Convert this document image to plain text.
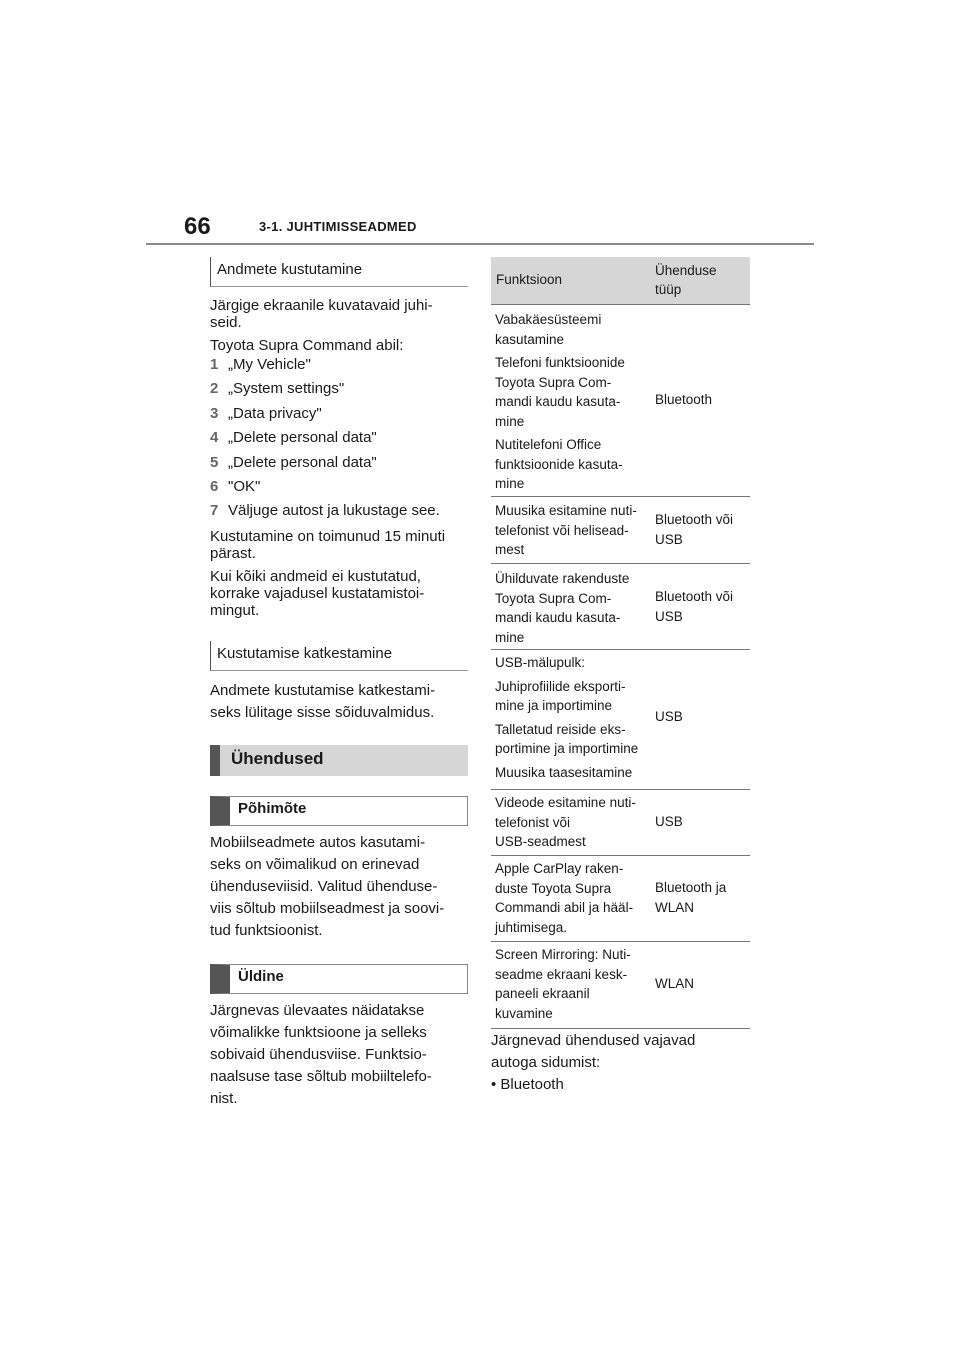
66	3-1. JUHTIMISSEADMED
Andmete kustutamine
Järgige ekraanile kuvatavaid juhi-
seid.
Toyota Supra Command abil:
1 „My Vehicle"
2 „System settings"
3 „Data privacy"
4 „Delete personal data"
5 „Delete personal data"
6 "OK"
7 Väljuge autost ja lukustage see.
Kustutamine on toimunud 15 minuti
pärast.
Kui kõiki andmeid ei kustutatud,
korrake vajadusel kustatamistoi-
mingut.
Kustutamise katkestamine
Andmete kustutamise katkestami-
seks lülitage sisse sõiduvalmidus.
Ühendused
Põhimõte
Mobiilseadmete autos kasutami-
seks on võimalikud on erinevad
ühenduseviisid. Valitud ühenduse-
viis sõltub mobiilseadmest ja soovi-
tud funktsioonist.
Üldine
Järgnevas ülevaates näidatakse
võimalikke funktsioone ja selleks
sobivaid ühendusviise. Funktsio-
naalsuse tase sõltub mobiiltelefo-
nist.
Funktsioon
Ühenduse
tüüp
Vabakäesüsteemi
kasutamine
Telefoni funktsioonide
Toyota Supra Com-
mandi kaudu kasuta-
mine
Nutitelefoni Office
funktsioonide kasuta-
mine
Bluetooth
Muusika esitamine nuti-
telefonist või helisead-
mest
Bluetooth või
USB
Ühilduvate rakenduste
Toyota Supra Com-
mandi kaudu kasuta-
mine
Bluetooth või
USB
USB-mälupulk:
Juhiprofiilide eksporti-
mine ja importimine
Talletatud reiside eks-
portimine ja importimine
Muusika taasesitamine
USB
Videode esitamine nuti-
telefonist või
USB-seadmest
USB
Apple CarPlay raken-
duste Toyota Supra
Commandi abil ja hääl-
juhtimisega.
Bluetooth ja
WLAN
Screen Mirroring: Nuti-
seadme ekraani kesk-
paneeli ekraanil
kuvamine
WLAN
Järgnevad ühendused vajavad
autoga sidumist:
• Bluetooth
